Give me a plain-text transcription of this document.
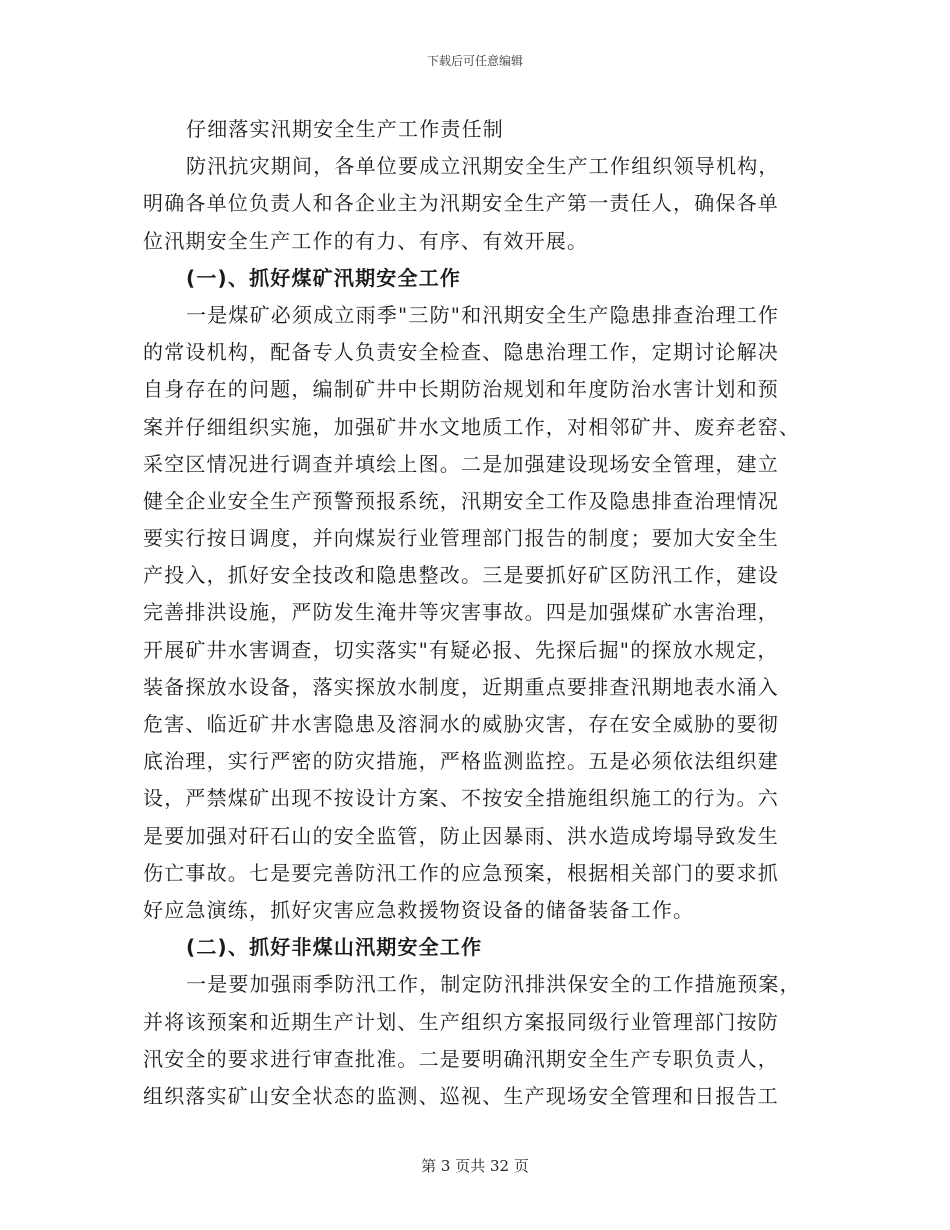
下载后可任意编辑
仔细落实汛期安全生产工作责任制
防汛抗灾期间，各单位要成立汛期安全生产工作组织领导机构，
明确各单位负责人和各企业主为汛期安全生产第一责任人，确保各单
位汛期安全生产工作的有力、有序、有效开展。
(一)、抓好煤矿汛期安全工作
一是煤矿必须成立雨季"三防"和汛期安全生产隐患排查治理工作
的常设机构，配备专人负责安全检查、隐患治理工作，定期讨论解决
自身存在的问题，编制矿井中长期防治规划和年度防治水害计划和预
案并仔细组织实施，加强矿井水文地质工作，对相邻矿井、废弃老窑、
采空区情况进行调查并填绘上图。二是加强建设现场安全管理，建立
健全企业安全生产预警预报系统，汛期安全工作及隐患排查治理情况
要实行按日调度，并向煤炭行业管理部门报告的制度；要加大安全生
产投入，抓好安全技改和隐患整改。三是要抓好矿区防汛工作，建设
完善排洪设施，严防发生淹井等灾害事故。四是加强煤矿水害治理，
开展矿井水害调查，切实落实"有疑必报、先探后掘"的探放水规定，
装备探放水设备，落实探放水制度，近期重点要排查汛期地表水涌入
危害、临近矿井水害隐患及溶洞水的威胁灾害，存在安全威胁的要彻
底治理，实行严密的防灾措施，严格监测监控。五是必须依法组织建
设，严禁煤矿出现不按设计方案、不按安全措施组织施工的行为。六
是要加强对矸石山的安全监管，防止因暴雨、洪水造成垮塌导致发生
伤亡事故。七是要完善防汛工作的应急预案，根据相关部门的要求抓
好应急演练，抓好灾害应急救援物资设备的储备装备工作。
(二)、抓好非煤山汛期安全工作
一是要加强雨季防汛工作，制定防汛排洪保安全的工作措施预案，
并将该预案和近期生产计划、生产组织方案报同级行业管理部门按防
汛安全的要求进行审查批准。二是要明确汛期安全生产专职负责人，
组织落实矿山安全状态的监测、巡视、生产现场安全管理和日报告工
第 3 页共 32 页
